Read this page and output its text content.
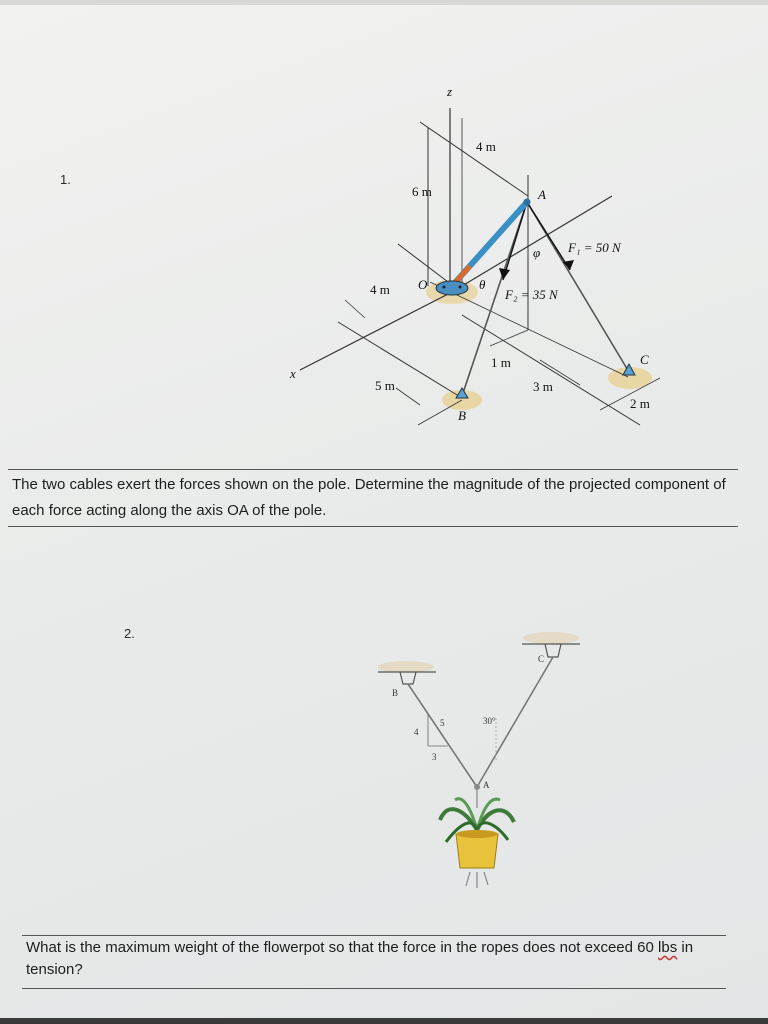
1.
z
x
4 m
6 m
4 m
5 m
1 m
3 m
2 m
O
A
B
C
φ
θ
F₁ = 50 N
F₂ = 35 N
The two cables exert the forces shown on the pole. Determine the magnitude of the projected component of each force acting along the axis OA of the pole.
2.
B
C
A
4
5
3
30°
What is the maximum weight of the flowerpot so that the force in the ropes does not exceed 60 lbs in tension?
